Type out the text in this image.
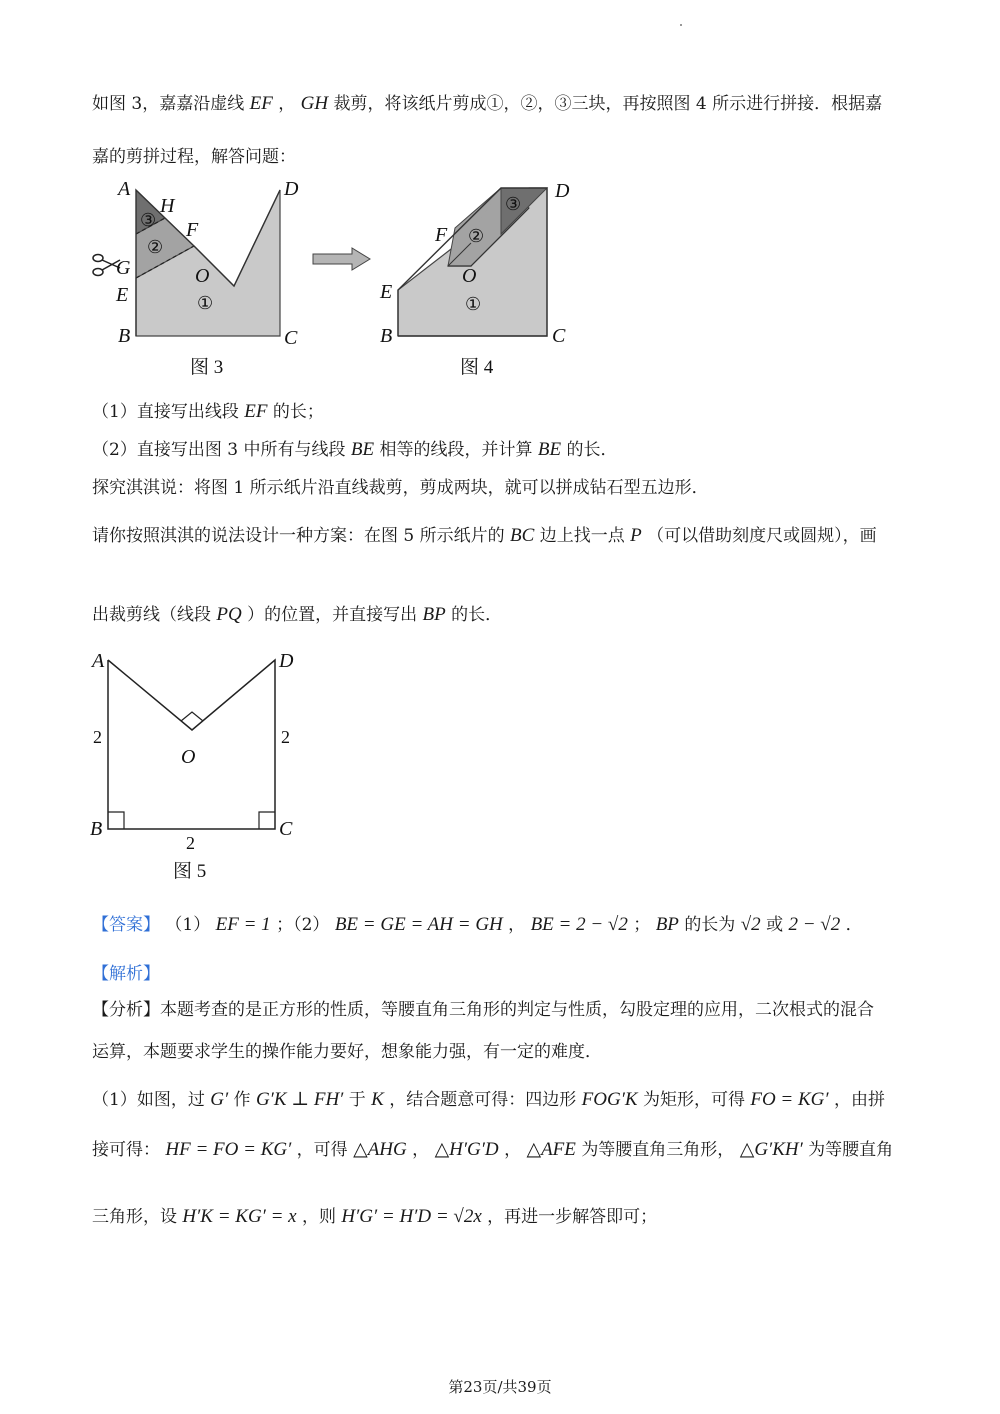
如图 3，嘉嘉沿虚线 EF ， GH 裁剪，将该纸片剪成①，②，③三块，再按照图 4 所示进行拼接．根据嘉
嘉的剪拼过程，解答问题：
A
H
F
G	O
E
B	C
D
③
②
①
图 3
D
F
O
E
B	C
③
②
①
图 4
（1）直接写出线段 EF 的长；
（2）直接写出图 3 中所有与线段 BE 相等的线段，并计算 BE 的长．
探究淇淇说：将图 1 所示纸片沿直线裁剪，剪成两块，就可以拼成钻石型五边形．
请你按照淇淇的说法设计一种方案：在图 5 所示纸片的 BC 边上找一点 P （可以借助刻度尺或圆规），画
出裁剪线（线段 PQ ）的位置，并直接写出 BP 的长．
A	D
O
B	C
2	2
2
图 5
【答案】 （1） EF = 1 ；（2） BE = GE = AH = GH ， BE = 2 − √2 ； BP 的长为 √2 或 2 − √2 ．
【解析】
【分析】本题考查的是正方形的性质，等腰直角三角形的判定与性质，勾股定理的应用，二次根式的混合
运算，本题要求学生的操作能力要好，想象能力强，有一定的难度．
（1）如图，过 G′ 作 G′K ⊥ FH′ 于 K ，结合题意可得：四边形 FOG′K 为矩形，可得 FO = KG′ ，由拼
接可得： HF = FO = KG′ ，可得 △AHG ， △H′G′D ， △AFE 为等腰直角三角形， △G′KH′ 为等腰直角
三角形，设 H′K = KG′ = x ，则 H′G′ = H′D = √2x ，再进一步解答即可；
第23页/共39页
